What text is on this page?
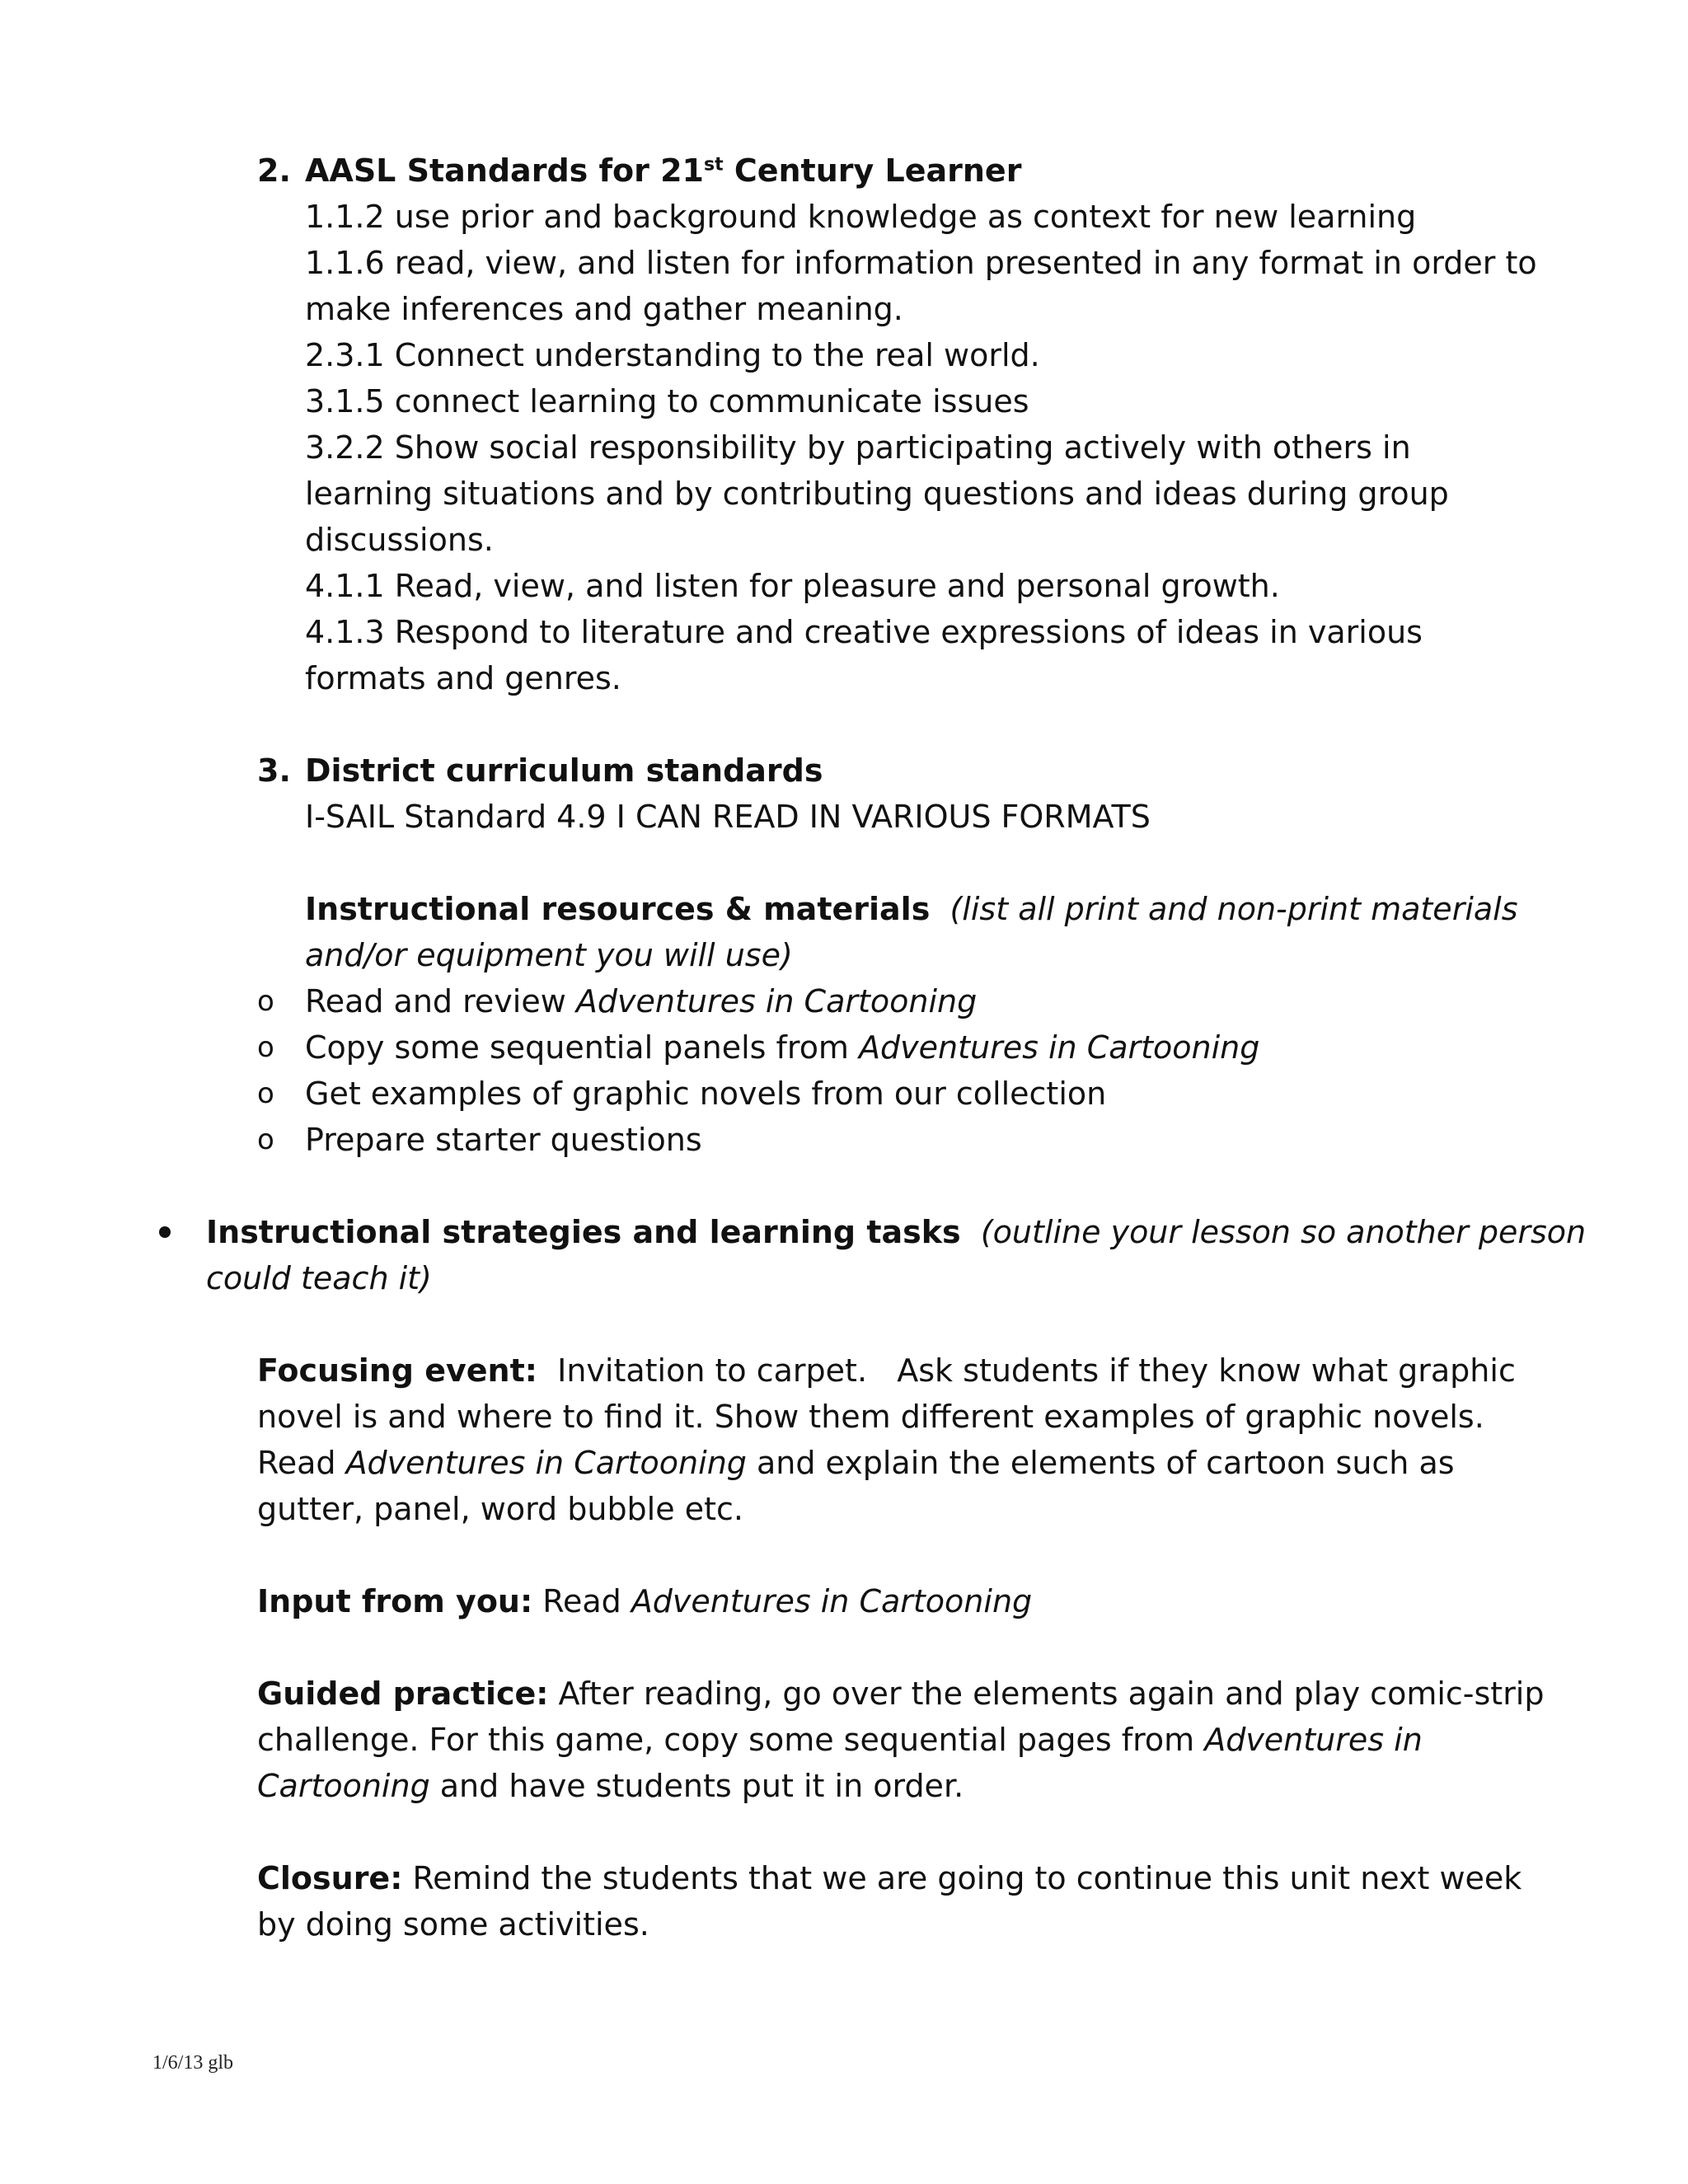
2. AASL Standards for 21st Century Learner
1.1.2 use prior and background knowledge as context for new learning
1.1.6 read, view, and listen for information presented in any format in order to
make inferences and gather meaning.
2.3.1 Connect understanding to the real world.
3.1.5 connect learning to communicate issues
3.2.2 Show social responsibility by participating actively with others in
learning situations and by contributing questions and ideas during group
discussions.
4.1.1 Read, view, and listen for pleasure and personal growth.
4.1.3 Respond to literature and creative expressions of ideas in various
formats and genres.
3. District curriculum standards
I-SAIL Standard 4.9 I CAN READ IN VARIOUS FORMATS
Instructional resources & materials (list all print and non-print materials
and/or equipment you will use)
o Read and review Adventures in Cartooning
o Copy some sequential panels from Adventures in Cartooning
o Get examples of graphic novels from our collection
o Prepare starter questions
Instructional strategies and learning tasks (outline your lesson so another person
could teach it)
Focusing event:  Invitation to carpet.   Ask students if they know what graphic
novel is and where to find it. Show them different examples of graphic novels.
Read Adventures in Cartooning and explain the elements of cartoon such as
gutter, panel, word bubble etc.
Input from you: Read Adventures in Cartooning
Guided practice: After reading, go over the elements again and play comic-strip
challenge. For this game, copy some sequential pages from Adventures in
Cartooning and have students put it in order.
Closure: Remind the students that we are going to continue this unit next week
by doing some activities.
1/6/13 glb
